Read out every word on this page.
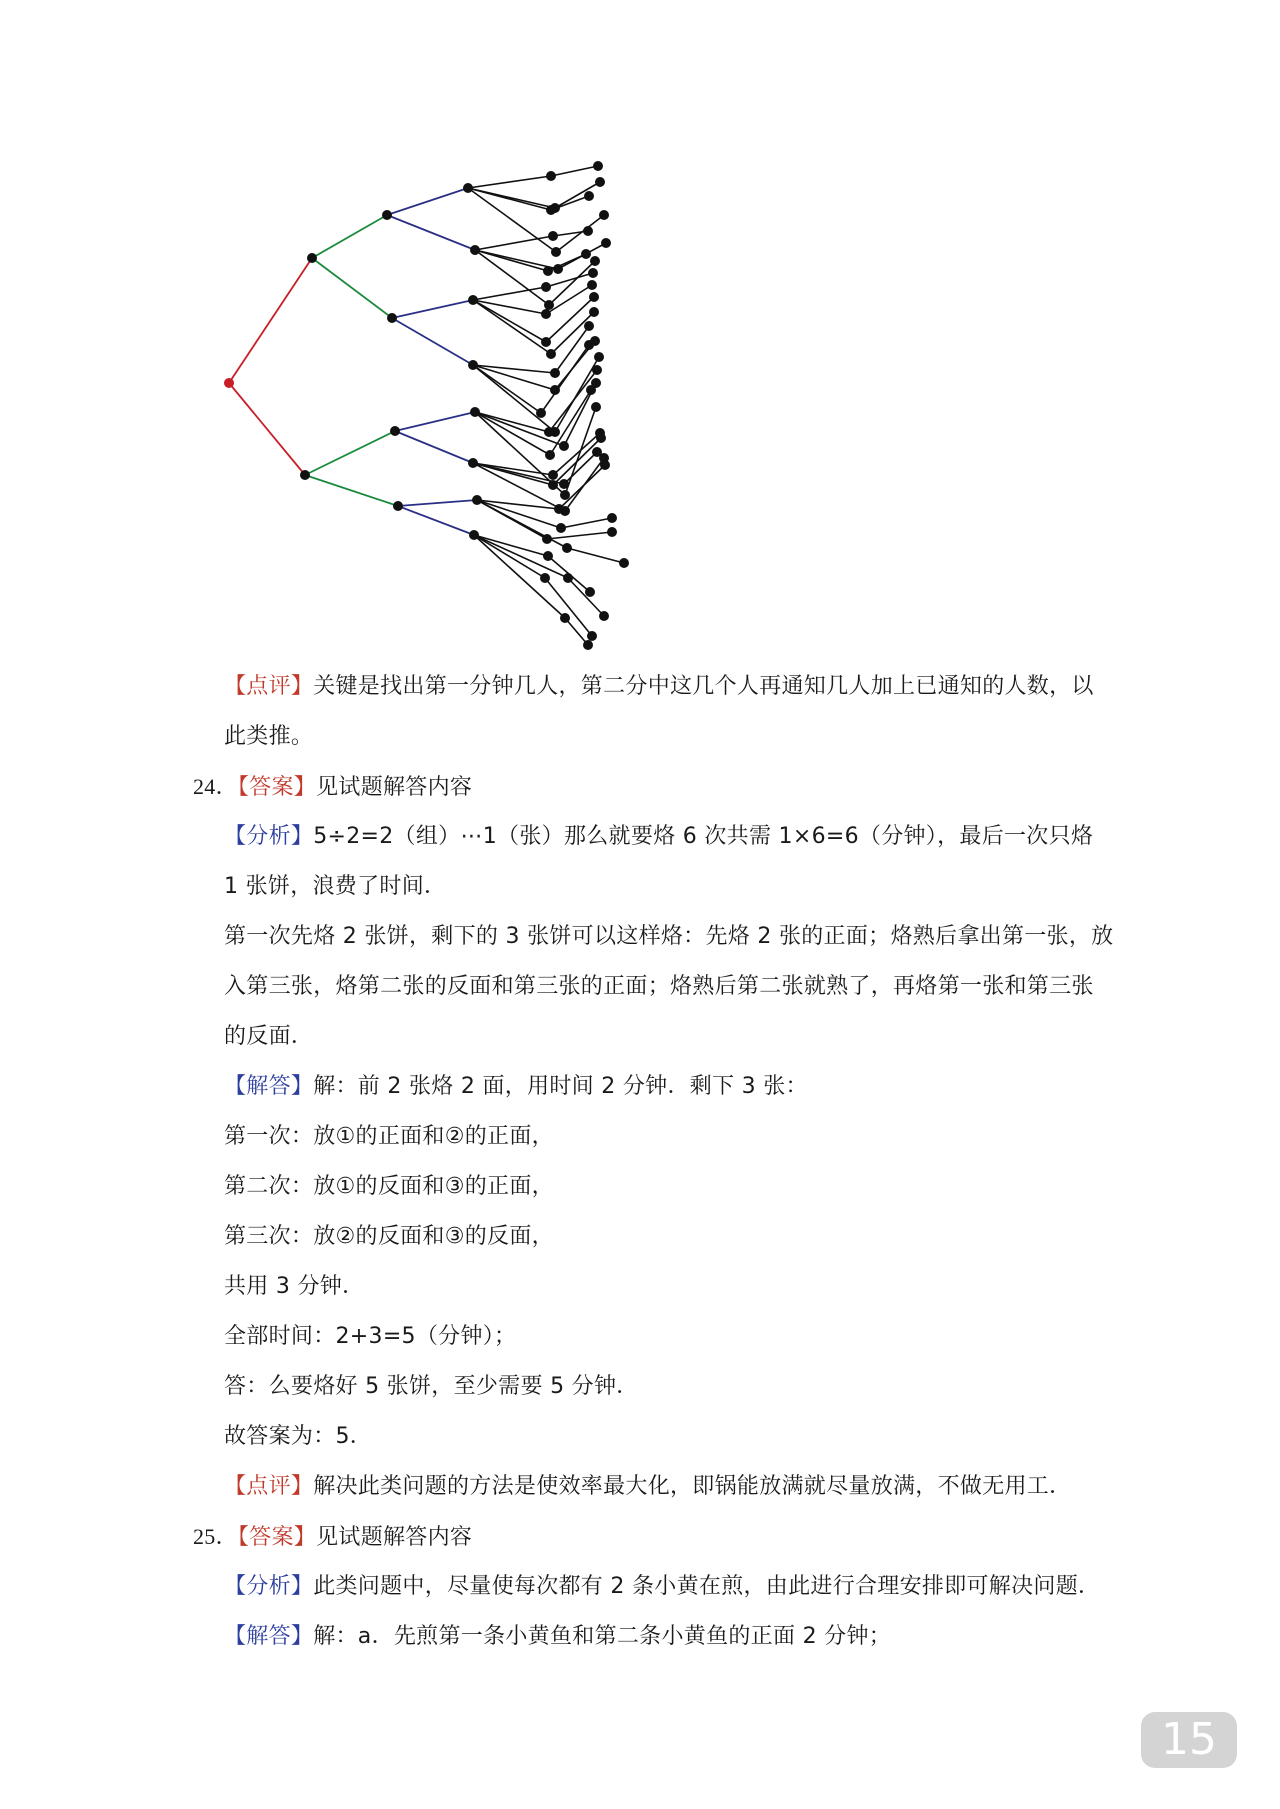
【点评】关键是找出第一分钟几人，第二分中这几个人再通知几人加上已通知的人数，以
此类推。
24．【答案】见试题解答内容
【分析】5÷2=2（组）⋯1（张）那么就要烙 6 次共需 1×6=6（分钟），最后一次只烙
1 张饼，浪费了时间．
第一次先烙 2 张饼，剩下的 3 张饼可以这样烙：先烙 2 张的正面；烙熟后拿出第一张，放
入第三张，烙第二张的反面和第三张的正面；烙熟后第二张就熟了，再烙第一张和第三张
的反面．
【解答】解：前 2 张烙 2 面，用时间 2 分钟．剩下 3 张：
第一次：放①的正面和②的正面，
第二次：放①的反面和③的正面，
第三次：放②的反面和③的反面，
共用 3 分钟．
全部时间：2+3=5（分钟）；
答：么要烙好 5 张饼，至少需要 5 分钟．
故答案为：5．
【点评】解决此类问题的方法是使效率最大化，即锅能放满就尽量放满，不做无用工．
25．【答案】见试题解答内容
【分析】此类问题中，尽量使每次都有 2 条小黄在煎，由此进行合理安排即可解决问题．
【解答】解：a．先煎第一条小黄鱼和第二条小黄鱼的正面 2 分钟；
15
